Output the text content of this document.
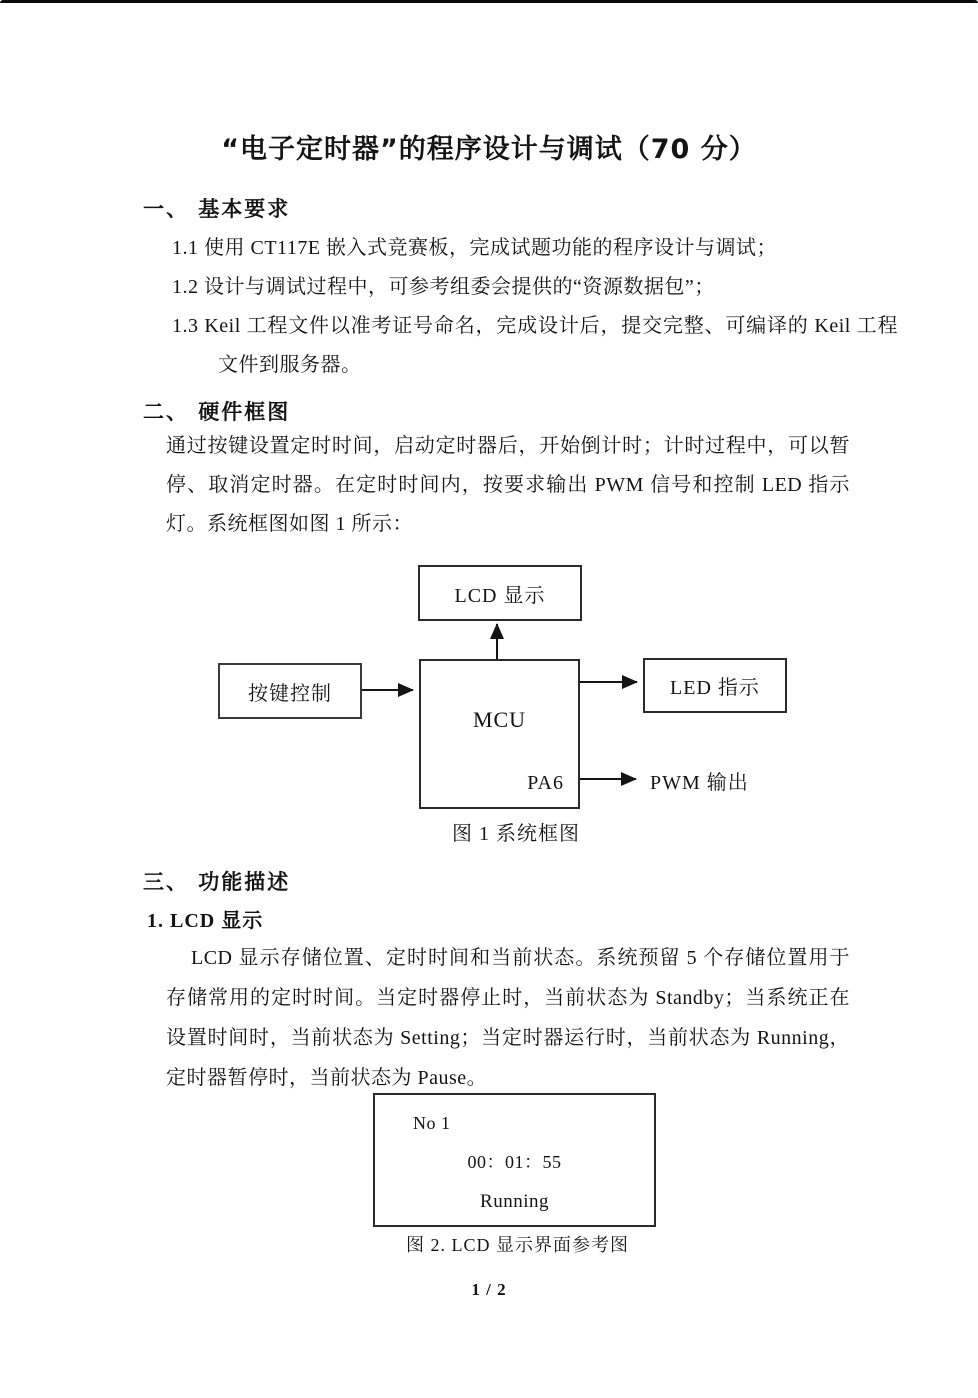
“电子定时器”的程序设计与调试（70 分）
一、 基本要求
1.1 使用 CT117E 嵌入式竞赛板，完成试题功能的程序设计与调试；
1.2 设计与调试过程中，可参考组委会提供的“资源数据包”；
1.3 Keil 工程文件以准考证号命名，完成设计后，提交完整、可编译的 Keil 工程文件到服务器。
二、 硬件框图
通过按键设置定时时间，启动定时器后，开始倒计时；计时过程中，可以暂停、取消定时器。在定时时间内，按要求输出 PWM 信号和控制 LED 指示灯。系统框图如图 1 所示：
LCD 显示
按键控制
MCU
PA6
LED 指示
PWM 输出
图 1 系统框图
三、 功能描述
1. LCD 显示
LCD 显示存储位置、定时时间和当前状态。系统预留 5 个存储位置用于存储常用的定时时间。当定时器停止时，当前状态为 Standby；当系统正在设置时间时，当前状态为 Setting；当定时器运行时，当前状态为 Running，定时器暂停时，当前状态为 Pause。
No 1
00：01：55
Running
图 2. LCD 显示界面参考图
1 / 2
